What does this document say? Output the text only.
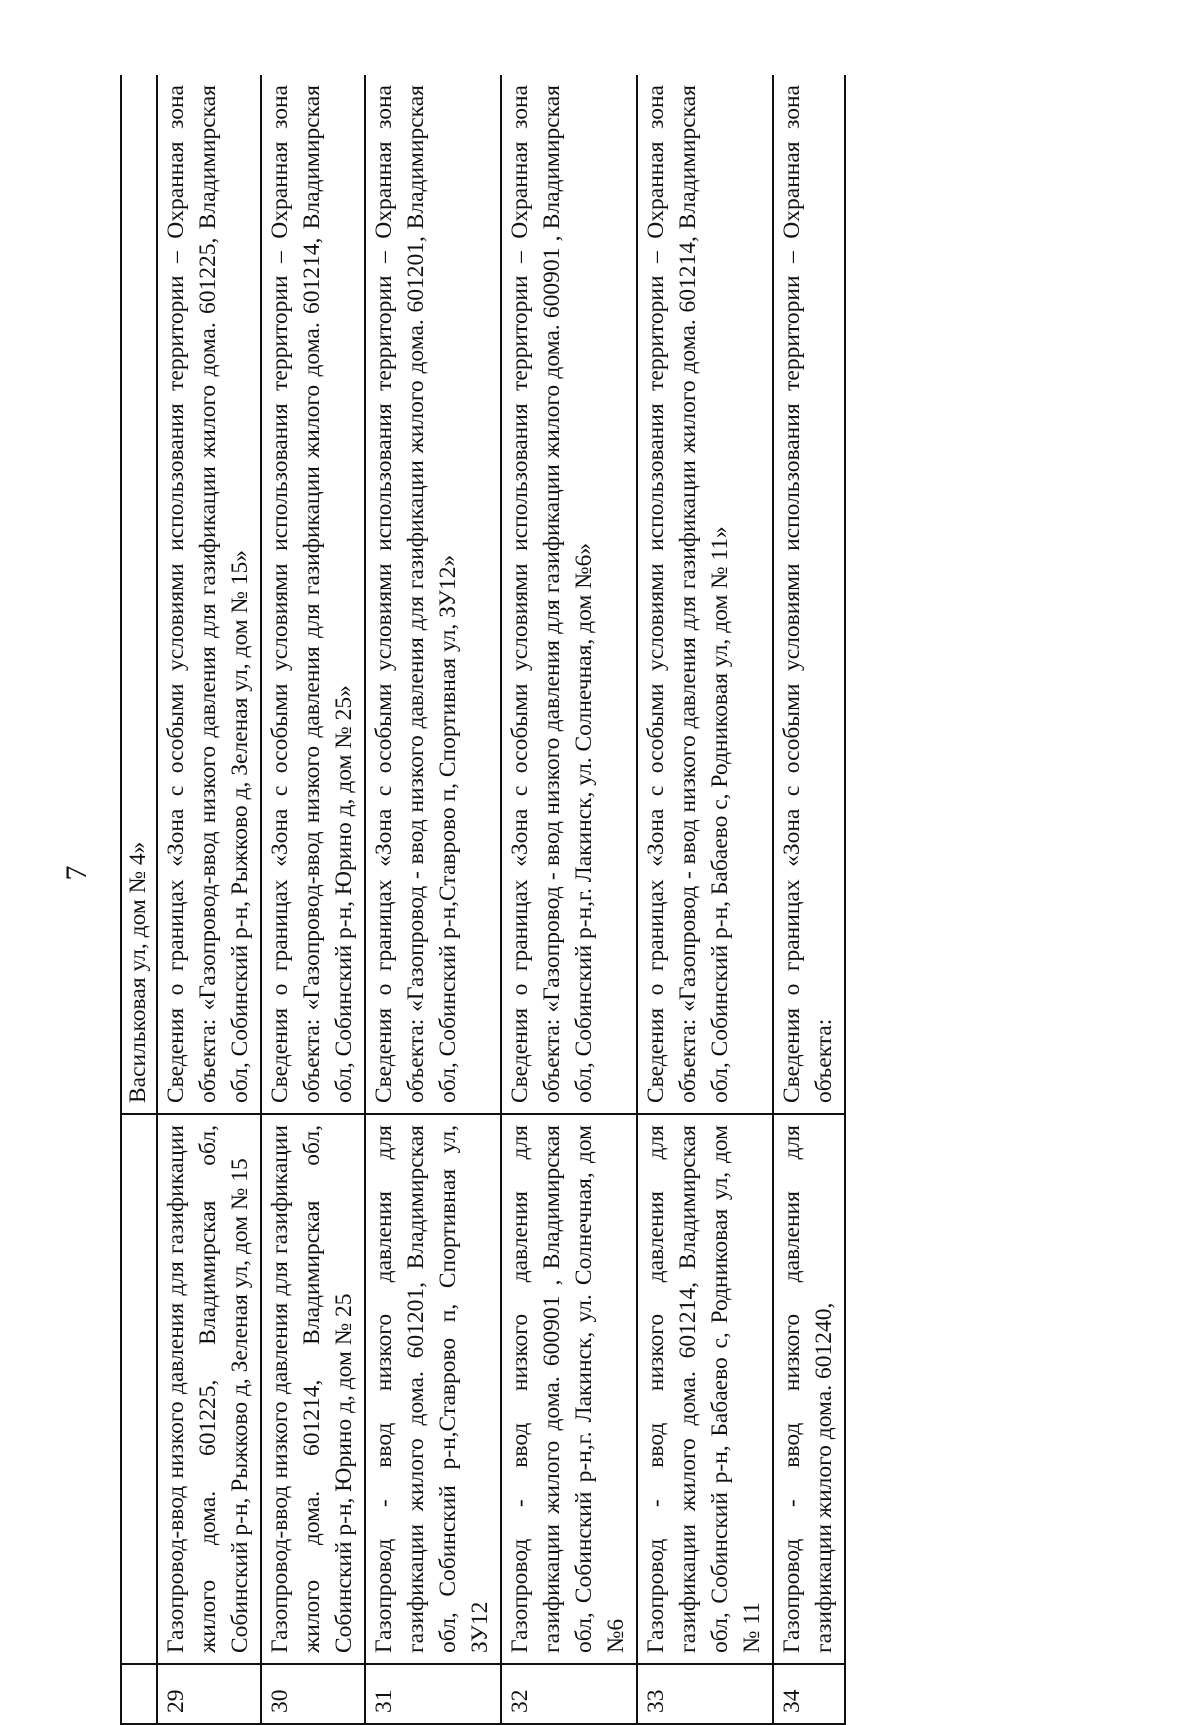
7
		Васильковая ул, дом № 4»
29	Газопровод-ввод низкого давления для газификации жилого дома. 601225, Владимирская обл, Собинский р-н, Рыжково д, Зеленая ул, дом № 15	Сведения о границах «Зона с особыми условиями использования территории – Охранная зона объекта: «Газопровод-ввод низкого давления для газификации жилого дома. 601225, Владимирская обл, Собинский р-н, Рыжково д, Зеленая ул, дом № 15»
30	Газопровод-ввод низкого давления для газификации жилого дома. 601214, Владимирская обл, Собинский р-н, Юрино д, дом № 25	Сведения о границах «Зона с особыми условиями использования территории – Охранная зона объекта: «Газопровод-ввод низкого давления для газификации жилого дома. 601214, Владимирская обл, Собинский р-н, Юрино д, дом № 25»
31	Газопровод - ввод низкого давления для газификации жилого дома. 601201, Владимирская обл, Собинский р-н,Ставрово п, Спортивная ул, ЗУ12	Сведения о границах «Зона с особыми условиями использования территории – Охранная зона объекта: «Газопровод - ввод низкого давления для газификации жилого дома. 601201, Владимирская обл, Собинский р-н,Ставрово п, Спортивная ул, ЗУ12»
32	Газопровод - ввод низкого давления для газификации жилого дома. 600901 , Владимирская обл, Собинский р-н,г. Лакинск, ул. Солнечная, дом №6	Сведения о границах «Зона с особыми условиями использования территории – Охранная зона объекта: «Газопровод - ввод низкого давления для газификации жилого дома. 600901 , Владимирская обл, Собинский р-н,г. Лакинск, ул. Солнечная, дом №6»
33	Газопровод - ввод низкого давления для газификации жилого дома. 601214, Владимирская обл, Собинский р-н, Бабаево с, Родниковая ул, дом № 11	Сведения о границах «Зона с особыми условиями использования территории – Охранная зона объекта: «Газопровод - ввод низкого давления для газификации жилого дома. 601214, Владимирская обл, Собинский р-н, Бабаево с, Родниковая ул, дом № 11»
34	Газопровод - ввод низкого давления для газификации жилого дома. 601240,	Сведения о границах «Зона с особыми условиями использования территории – Охранная зона объекта:
